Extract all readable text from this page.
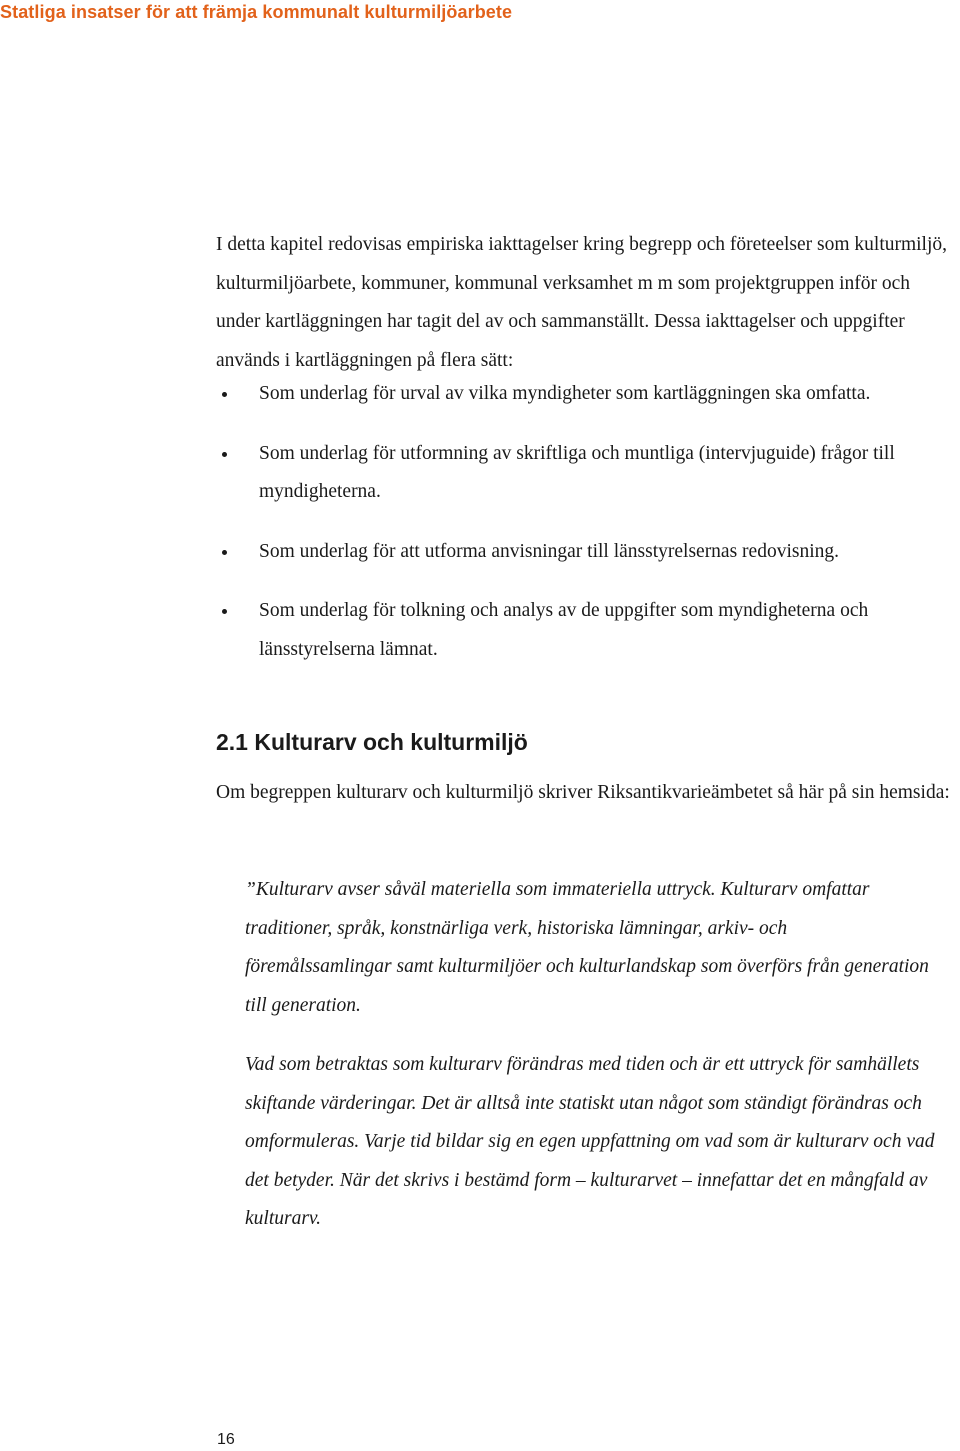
Statliga insatser för att främja kommunalt kulturmiljöarbete

I detta kapitel redovisas empiriska iakttagelser kring begrepp och företeelser som kulturmiljö, kulturmiljöarbete, kommuner, kommunal verksamhet m m som projektgruppen inför och under kartläggningen har tagit del av och sammanställt. Dessa iakttagelser och uppgifter används i kartläggningen på flera sätt:

Som underlag för urval av vilka myndigheter som kartläggningen ska omfatta.
Som underlag för utformning av skriftliga och muntliga (intervjuguide) frågor till myndigheterna.
Som underlag för att utforma anvisningar till länsstyrelsernas redovisning.
Som underlag för tolkning och analys av de uppgifter som myndigheterna och länsstyrelserna lämnat.
2.1 Kulturarv och kulturmiljö

Om begreppen kulturarv och kulturmiljö skriver Riksantikvarieämbetet så här på sin hemsida:

”Kulturarv avser såväl materiella som immateriella uttryck. Kulturarv omfattar traditioner, språk, konstnärliga verk, historiska lämningar, arkiv- och föremålssamlingar samt kulturmiljöer och kulturlandskap som överförs från generation till generation.

Vad som betraktas som kulturarv förändras med tiden och är ett uttryck för samhällets skiftande värderingar. Det är alltså inte statiskt utan något som ständigt förändras och omformuleras. Varje tid bildar sig en egen uppfattning om vad som är kulturarv och vad det betyder. När det skrivs i bestämd form – kulturarvet – innefattar det en mångfald av kulturarv.

16
